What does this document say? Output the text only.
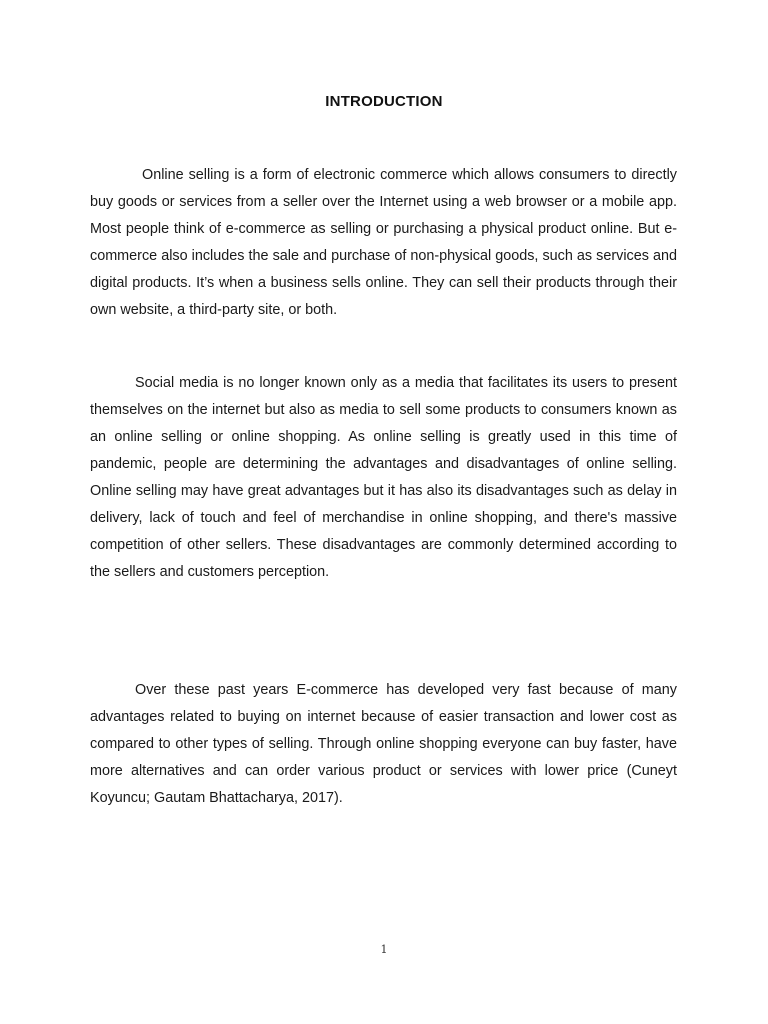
INTRODUCTION

Online selling is a form of electronic commerce which allows consumers to directly buy goods or services from a seller over the Internet using a web browser or a mobile app. Most people think of e-commerce as selling or purchasing a physical product online. But e-commerce also includes the sale and purchase of non-physical goods, such as services and digital products. It’s when a business sells online. They can sell their products through their own website, a third-party site, or both.

Social media is no longer known only as a media that facilitates its users to present themselves on the internet but also as media to sell some products to consumers known as an online selling or online shopping. As online selling is greatly used in this time of pandemic, people are determining the advantages and disadvantages of online selling. Online selling may have great advantages but it has also its disadvantages such as delay in delivery, lack of touch and feel of merchandise in online shopping, and there's massive competition of other sellers. These disadvantages are commonly determined according to the sellers and customers perception.

Over these past years E-commerce has developed very fast because of many advantages related to buying on internet because of easier transaction and lower cost as compared to other types of selling. Through online shopping everyone can buy faster, have more alternatives and can order various product or services with lower price (Cuneyt Koyuncu; Gautam Bhattacharya, 2017).

1
